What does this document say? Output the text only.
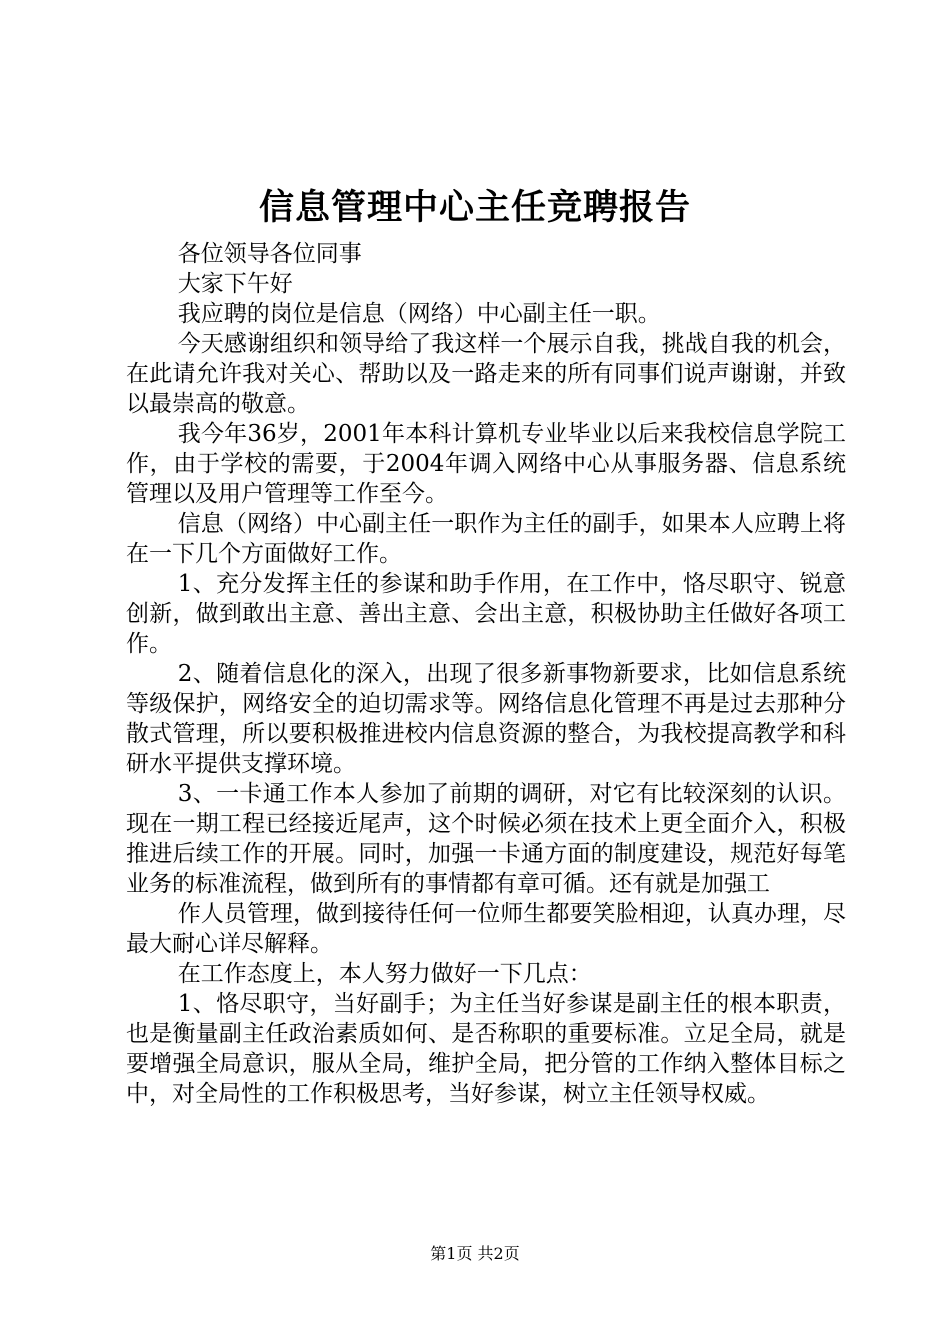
信息管理中心主任竞聘报告

各位领导各位同事

大家下午好

我应聘的岗位是信息（网络）中心副主任一职。

今天感谢组织和领导给了我这样一个展示自我，挑战自我的机会，在此请允许我对关心、帮助以及一路走来的所有同事们说声谢谢，并致以最崇高的敬意。

我今年36岁，2001年本科计算机专业毕业以后来我校信息学院工作，由于学校的需要，于2004年调入网络中心从事服务器、信息系统管理以及用户管理等工作至今。

信息（网络）中心副主任一职作为主任的副手，如果本人应聘上将在一下几个方面做好工作。

1、充分发挥主任的参谋和助手作用，在工作中，恪尽职守、锐意创新，做到敢出主意、善出主意、会出主意，积极协助主任做好各项工作。

2、随着信息化的深入，出现了很多新事物新要求，比如信息系统等级保护，网络安全的迫切需求等。网络信息化管理不再是过去那种分散式管理，所以要积极推进校内信息资源的整合，为我校提高教学和科研水平提供支撑环境。

3、一卡通工作本人参加了前期的调研，对它有比较深刻的认识。现在一期工程已经接近尾声，这个时候必须在技术上更全面介入，积极推进后续工作的开展。同时，加强一卡通方面的制度建设，规范好每笔业务的标准流程，做到所有的事情都有章可循。还有就是加强工

作人员管理，做到接待任何一位师生都要笑脸相迎，认真办理，尽最大耐心详尽解释。

在工作态度上，本人努力做好一下几点：

1、恪尽职守，当好副手；为主任当好参谋是副主任的根本职责，也是衡量副主任政治素质如何、是否称职的重要标准。立足全局，就是要增强全局意识，服从全局，维护全局，把分管的工作纳入整体目标之中，对全局性的工作积极思考，当好参谋，树立主任领导权威。

第1页 共2页
